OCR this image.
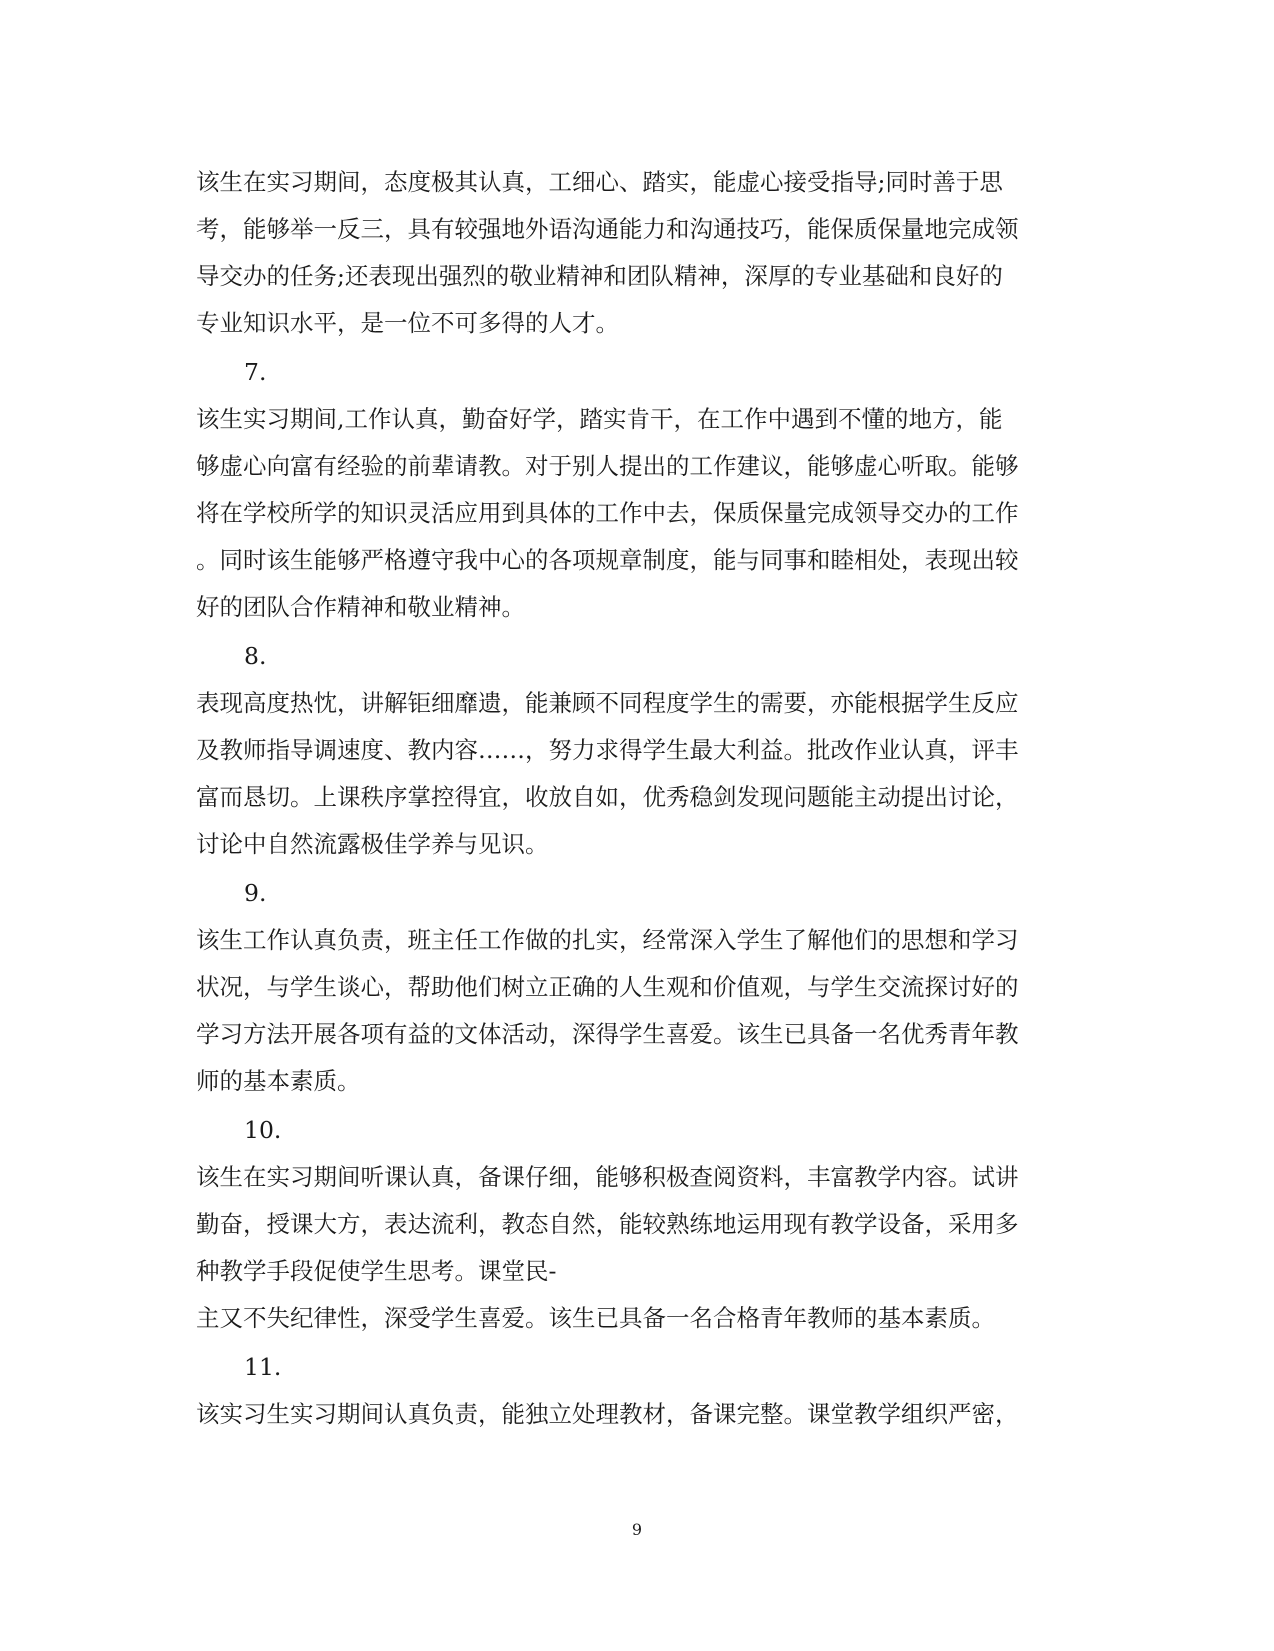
该生在实习期间，态度极其认真，工细心、踏实，能虚心接受指导;同时善于思
考，能够举一反三，具有较强地外语沟通能力和沟通技巧，能保质保量地完成领
导交办的任务;还表现出强烈的敬业精神和团队精神，深厚的专业基础和良好的
专业知识水平，是一位不可多得的人才。
7.
该生实习期间,工作认真，勤奋好学，踏实肯干，在工作中遇到不懂的地方，能
够虚心向富有经验的前辈请教。对于别人提出的工作建议，能够虚心听取。能够
将在学校所学的知识灵活应用到具体的工作中去，保质保量完成领导交办的工作
。同时该生能够严格遵守我中心的各项规章制度，能与同事和睦相处，表现出较
好的团队合作精神和敬业精神。
8.
表现高度热忱，讲解钜细靡遗，能兼顾不同程度学生的需要，亦能根据学生反应
及教师指导调速度、教内容……，努力求得学生最大利益。批改作业认真，评丰
富而恳切。上课秩序掌控得宜，收放自如，优秀稳剑发现问题能主动提出讨论，
讨论中自然流露极佳学养与见识。
9.
该生工作认真负责，班主任工作做的扎实，经常深入学生了解他们的思想和学习
状况，与学生谈心，帮助他们树立正确的人生观和价值观，与学生交流探讨好的
学习方法开展各项有益的文体活动，深得学生喜爱。该生已具备一名优秀青年教
师的基本素质。
10.
该生在实习期间听课认真，备课仔细，能够积极查阅资料，丰富教学内容。试讲
勤奋，授课大方，表达流利，教态自然，能较熟练地运用现有教学设备，采用多
种教学手段促使学生思考。课堂民-
主又不失纪律性，深受学生喜爱。该生已具备一名合格青年教师的基本素质。
11.
该实习生实习期间认真负责，能独立处理教材，备课完整。课堂教学组织严密，
9
